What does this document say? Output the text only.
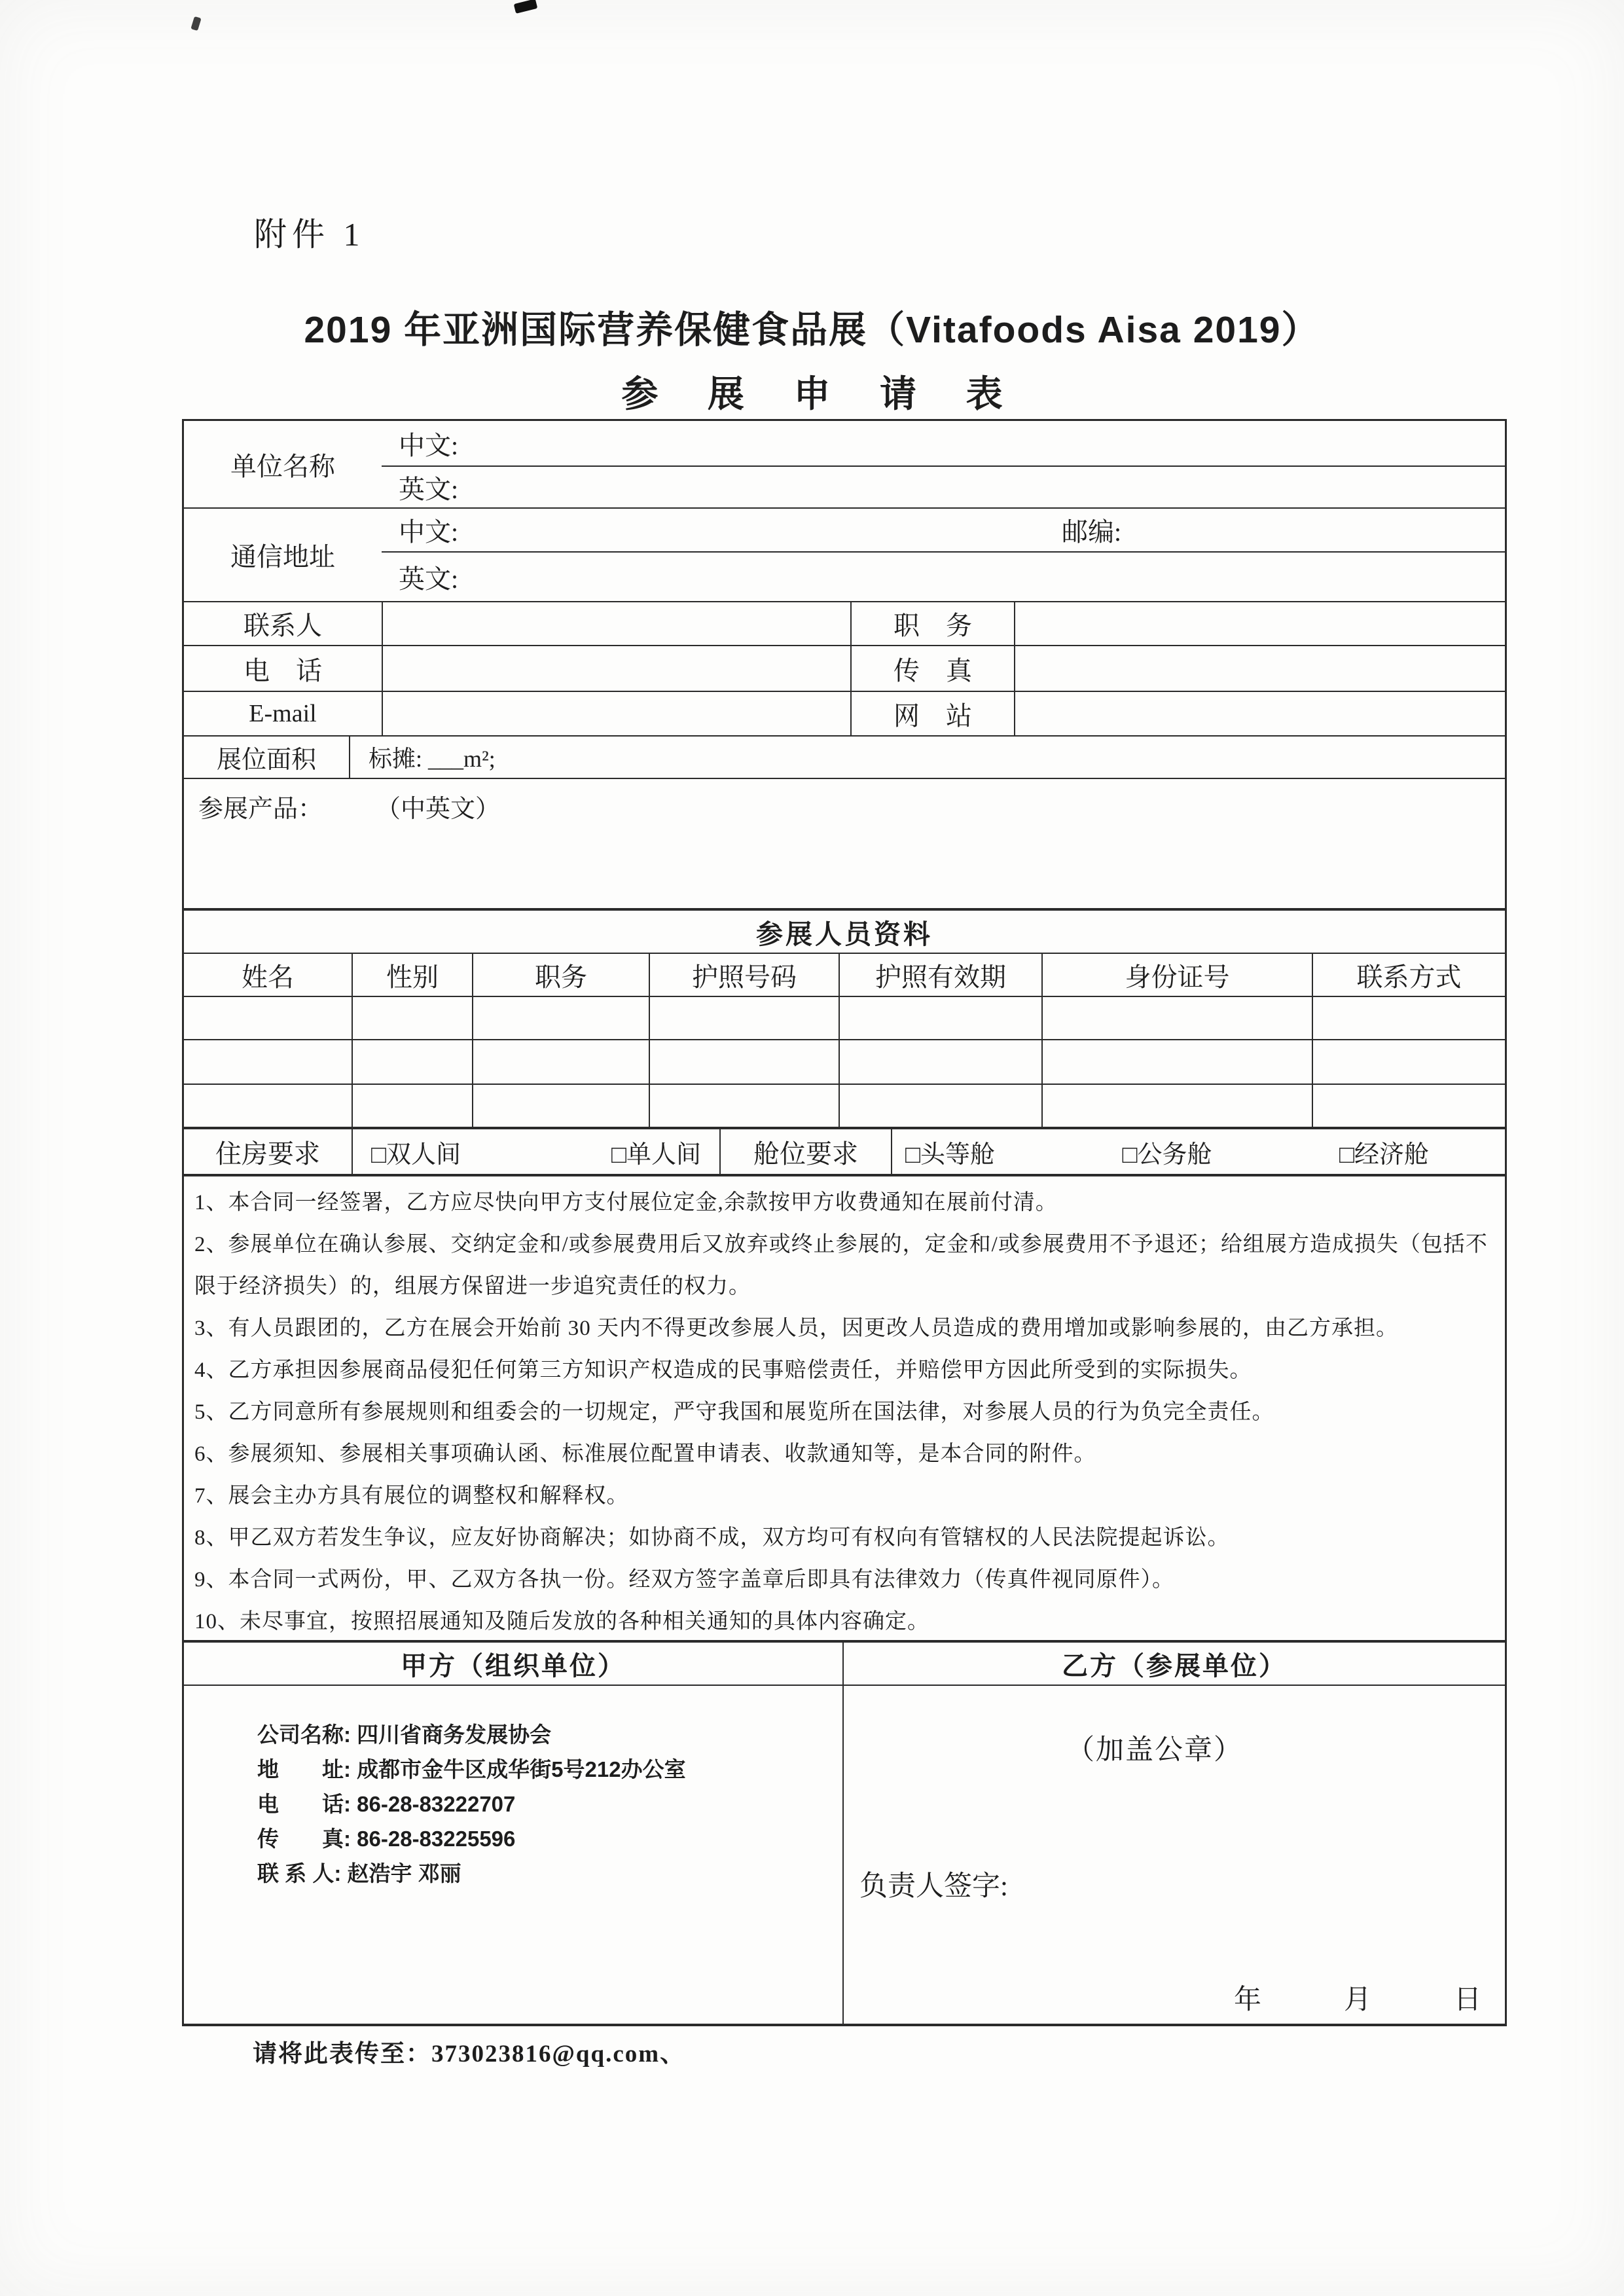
附件 1
2019 年亚洲国际营养保健食品展（Vitafoods Aisa 2019）
参 展 申 请 表
单位名称
中文:
英文:
通信地址
中文:	邮编:
英文:
联系人	职　务
电　话	传　真
E-mail	网　站
展位面积	标摊: ___m²;
参展产品：	（中英文）
参展人员资料
姓名	性别	职务	护照号码	护照有效期	身份证号	联系方式
住房要求	□双人间	□单人间	舱位要求	□头等舱	□公务舱	□经济舱
1、本合同一经签署，乙方应尽快向甲方支付展位定金,余款按甲方收费通知在展前付清。
2、参展单位在确认参展、交纳定金和/或参展费用后又放弃或终止参展的，定金和/或参展费用不予退还；给组展方造成损失（包括不限于经济损失）的，组展方保留进一步追究责任的权力。
3、有人员跟团的，乙方在展会开始前 30 天内不得更改参展人员，因更改人员造成的费用增加或影响参展的，由乙方承担。
4、乙方承担因参展商品侵犯任何第三方知识产权造成的民事赔偿责任，并赔偿甲方因此所受到的实际损失。
5、乙方同意所有参展规则和组委会的一切规定，严守我国和展览所在国法律，对参展人员的行为负完全责任。
6、参展须知、参展相关事项确认函、标准展位配置申请表、收款通知等，是本合同的附件。
7、展会主办方具有展位的调整权和解释权。
8、甲乙双方若发生争议，应友好协商解决；如协商不成，双方均可有权向有管辖权的人民法院提起诉讼。
9、本合同一式两份，甲、乙双方各执一份。经双方签字盖章后即具有法律效力（传真件视同原件）。
10、未尽事宜，按照招展通知及随后发放的各种相关通知的具体内容确定。
甲方（组织单位）	乙方（参展单位）
公司名称: 四川省商务发展协会
地　　址: 成都市金牛区成华街5号212办公室
电　　话: 86-28-83222707
传　　真: 86-28-83225596
联 系 人: 赵浩宇 邓丽
（加盖公章）
负责人签字:
年	月	日
请将此表传至：373023816@qq.com、
